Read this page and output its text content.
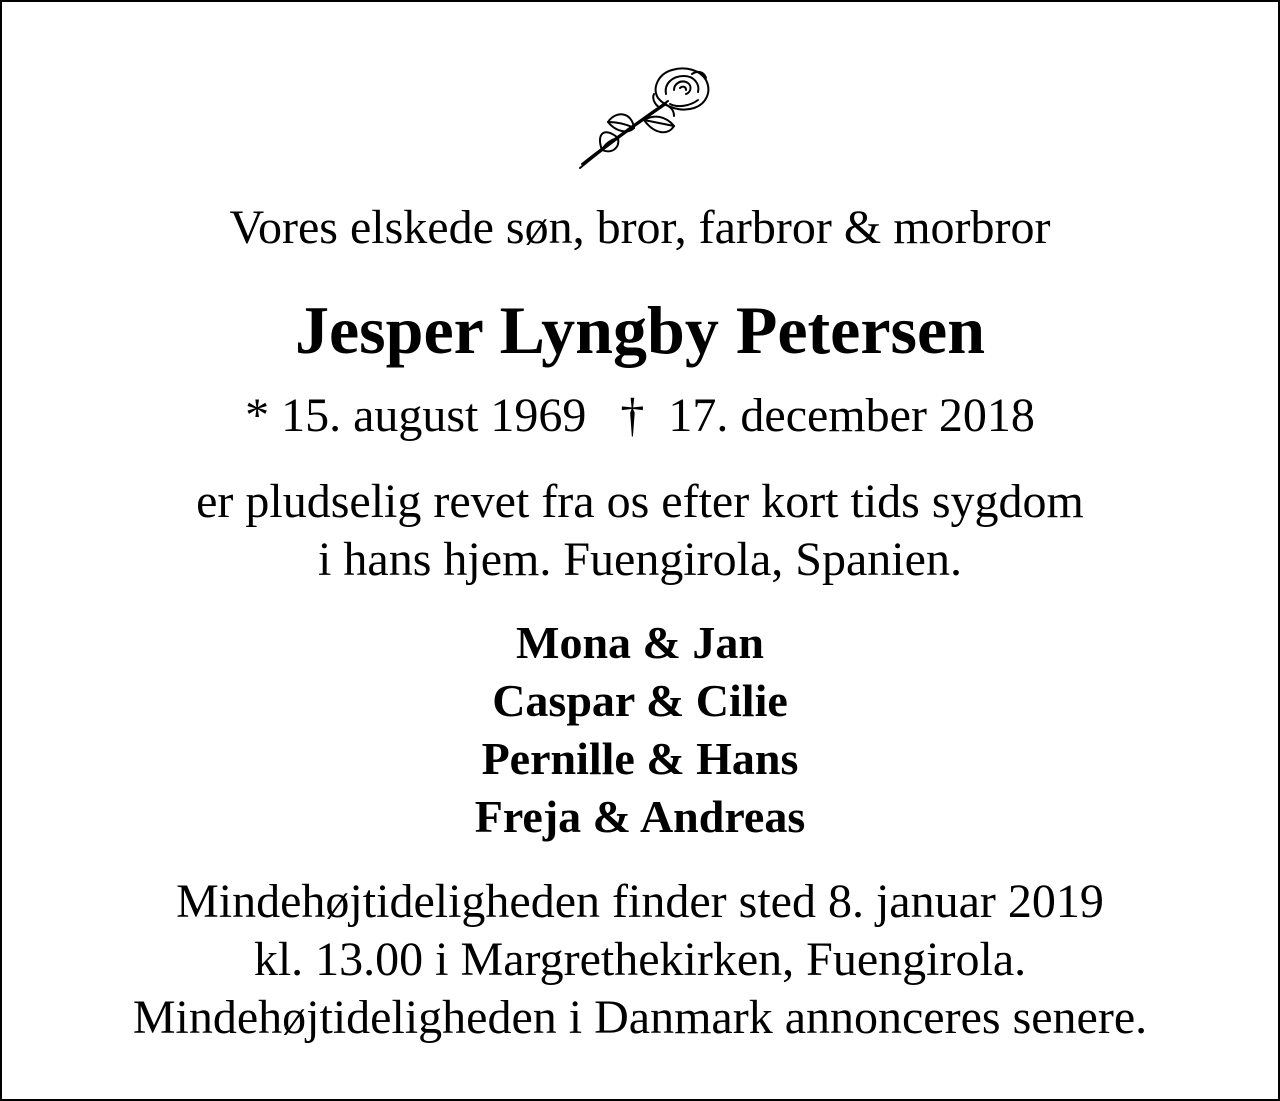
Vores elskede søn, bror, farbror & morbror
Jesper Lyngby Petersen
* 15. august 1969 † 17. december 2018
er pludselig revet fra os efter kort tids sygdom
i hans hjem. Fuengirola, Spanien.
Mona & Jan
Caspar & Cilie
Pernille & Hans
Freja & Andreas
Mindehøjtideligheden finder sted 8. januar 2019
kl. 13.00 i Margrethekirken, Fuengirola.
Mindehøjtideligheden i Danmark annonceres senere.
